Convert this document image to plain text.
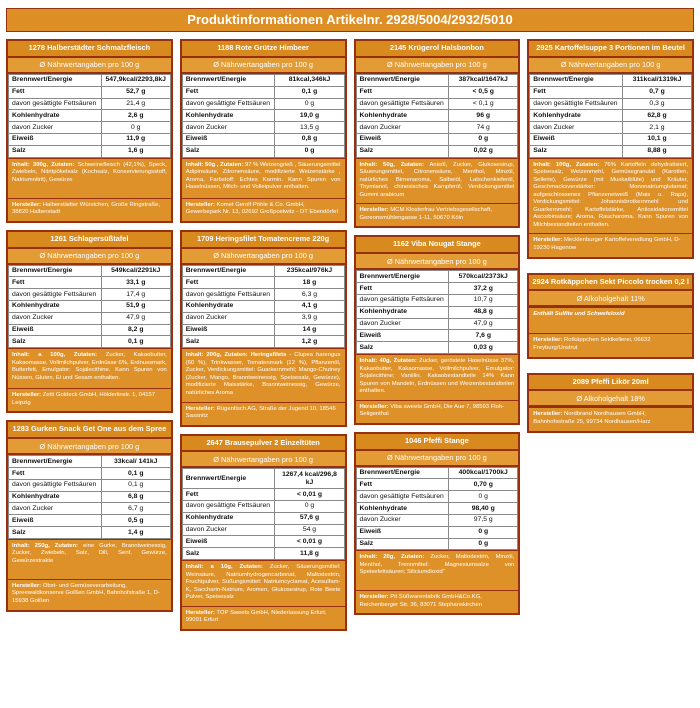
Produktinformationen Artikelnr. 2928/5004/2932/5010
1278 Halberstädter Schmalzfleisch
Ø Nährwertangaben pro 100 g
Brennwert/Energie	547,9kcal/2293,8kJ
Fett	52,7 g
davon gesättigte Fettsäuren	21,4 g
Kohlenhydrate	2,6 g
davon Zucker	0 g
Eiweiß	11,9 g
Salz	1,6 g
Inhalt: 300g, Zutaten: Schweinefleisch (42,1%), Speck, Zwiebeln, Nitritpökelsalz (Kochsalz, Konservierungsstoff, Natriumnitrit), Gewürze
Hersteller: Halberstädter Würstchen, Große Ringstraße, 38820 Halberstadt
1261 Schlagersüßtafel
Ø Nährwertangaben pro 100 g
Brennwert/Energie	549kcal/2291kJ
Fett	33,1 g
davon gesättigte Fettsäuren	17,4 g
Kohlenhydrate	51,9 g
davon Zucker	47,9 g
Eiweiß	8,2 g
Salz	0,1 g
Inhalt: a 100g, Zutaten: Zucker, Kakaobutter, Kakaomasse, Vollmilchpulver, Erdnüsse 6%, Erdnussmark, Butterfett, Emulgator: Sojalecithine. Kann Spuren von Nüssen, Gluten, Ei und Sesam enthalten.
Hersteller: Zetti Goldeck GmbH, Hölderlinstr. 1, 04157 Leipzig
1283 Gurken Snack Get One aus dem Spree
Ø Nährwertangaben pro 100 g
Brennwert/Energie	33kcal/ 141kJ
Fett	0,1 g
davon gesättigte Fettsäuren	0,1 g
Kohlenhydrate	6,8 g
davon Zucker	6,7 g
Eiweiß	0,5 g
Salz	1,4 g
Inhalt: 250g, Zutaten: eine Gurke, Branntweinessig, Zucker, Zwiebeln, Salz, Dill, Senf, Gewürze, Gewürzextrakte
Hersteller: Obst- und Gemüseverarbeitung, Spreewaldkonserve Golßen GmbH, Bahnhofstraße 1, D-15938 Golßen
1188 Rote Grütze Himbeer
Ø Nährwertangaben pro 100 g
Brennwert/Energie	81kcal,346kJ
Fett	0,1 g
davon gesättigte Fettsäuren	0 g
Kohlenhydrate	19,0 g
davon Zucker	13,5 g
Eiweiß	0,8 g
Salz	0 g
Inhalt: 50g , Zutaten: 97 % Weizengrieß , Säuerungsmittel Adipinsäure, Zitronensäure, modifizierte Weizenstärke , Aroma, Farbstoff: Echtes Karmin. Kann Spuren von Haselnüssen, Milch- und Volleipulver enthalten.
Hersteller: Komet Gerolf Pöhle & Co. GmbH, Gewerbepark Nr. 13, 02692 Großpostwitz - OT Ebendörfel
1709 Heringsfilet Tomatencreme 220g
Ø Nährwertangaben pro 100 g
Brennwert/Energie	235kcal/976kJ
Fett	18 g
davon gesättigte Fettsäuren	6,3 g
Kohlenhydrate	4,1 g
davon Zucker	3,9 g
Eiweiß	14 g
Salz	1,2 g
Inhalt: 200g, Zutaten: Heringsfilets - Clupea harengus (60 %), Trinkwasser, Tomatenmark (12 %), Pflanzenöl, Zucker, Verdickungsmittel: Guarkernmehl; Mango-Chutney (Zucker, Mango, Branntweinessig, Speisesalz, Gewürze), modifizierte Maisstärke, Branntweinessig, Gewürze, natürliches Aroma
Hersteller: Rügenfisch AG, Straße der Jugend 10, 18546 Sassnitz
2647 Brausepulver 2 Einzeltüten
Ø Nährwertangaben pro 100 g
Brennwert/Energie	1267,4 kcal/296,8 kJ
Fett	< 0,01 g
davon gesättigte Fettsäuren	0 g
Kohlenhydrate	57,6 g
davon Zucker	54 g
Eiweiß	< 0,01 g
Salz	11,8 g
Inhalt: a 10g, Zutaten: Zucker, Säuerungsmittel: Weinsäure, Natriumhydrogencarbonat, Maltodextrin, Fruchtpulver, Süßungsmittel: Natriumcyclamat, Acesulfam-K, Saccharin-Natrium, Aromen, Glukosesirup, Rote Beete Pulver, Speisesalz
Hersteller: TOP Sweets GmbH, Niederlassung Erfurt, 99091 Erfurt
2145 Krügerol Halsbonbon
Ø Nährwertangaben pro 100 g
Brennwert/Energie	387kcal/1647kJ
Fett	< 0,5 g
davon gesättigte Fettsäuren	< 0,1 g
Kohlenhydrate	96 g
davon Zucker	74 g
Eiweiß	0 g
Salz	0,02 g
Inhalt: 50g, Zutaten: Anisöl, Zucker, Glukosesirup, Säuerungsmittel, Citronensäure, Menthol, Minzöl, natürliches Birnenaroma, Salbeiöl, Latschenkieferöl, Thymianol, chinesisches Kampferöl, Verdickungsmittel Gummi arabicum
Hersteller: MCM Klosterfrau Vertriebsgesellschaft, Gereonsmühlengasse 1-11, 50670 Köln
1162 Viba Nougat Stange
Ø Nährwertangaben pro 100 g
Brennwert/Energie	570kcal/2373kJ
Fett	37,2 g
davon gesättigte Fettsäuren	10,7 g
Kohlenhydrate	48,8 g
davon Zucker	47,9 g
Eiweiß	7,6 g
Salz	0,03 g
Inhalt: 40g, Zutaten: Zucker, geröstete Haselnüsse 37%, Kakaobutter, Kakaomasse, Vollmilchpulver, Emulgator: Sojalecithine; Vanillin. Kakaobestandteile 14% Kann Spuren von Mandeln, Erdnüssen und Weizenbestandteilen enthalten.
Hersteller: Viba sweets GmbH, Die Aue 7, 98593 Floh-Seligenthal
1046 Pfeffi Stange
Ø Nährwertangaben pro 100 g
Brennwert/Energie	400kcal/1700kJ
Fett	0,70 g
davon gesättigte Fettsäuren	0 g
Kohlenhydrate	98,40 g
davon Zucker	97,5 g
Eiweiß	0 g
Salz	0 g
Inhalt: 20g, Zutaten: Zucker, Maltodextrin, Minzöl, Menthol, Trennmittel: Magnesiumsalze von Speisefettsäuren; Siliciumdioxid"
Hersteller: Pit Süßwarenfabrik GmbH&Co.KG, Reichenberger Str. 36, 83071 Stephanskirchen
2925 Kartoffelsuppe 3 Portionen im Beutel
Ø Nährwertangaben pro 100 g
Brennwert/Energie	311kcal/1319kJ
Fett	0,7 g
davon gesättigte Fettsäuren	0,3 g
Kohlenhydrate	62,8 g
davon Zucker	2,1 g
Eiweiß	10,1 g
Salz	8,88 g
Inhalt: 100g, Zutaten: 76% Kartoffeln dehydratisiert, Speisesalz, Weizenmehl, Gemüsegranulat (Karotten, Sellerie), Gewürze (mit Muskatblüte) und Kräuter, Geschmacksverstärker: Mononatriumglutamat; aufgeschlossenes Pflanzeneiweiß (Mais u. Raps), Verdickungsmittel: Johannisbrotkernmehl und Guarkernmehl; Kartoffelstärke, Antioxidationsmittel Ascorbinsäure; Aroma, Raucharoma. Kann Spuren von Milchbestandteilen enthalten.
Hersteller: Mecklenburger Kartoffelveredlung GmbH, D-19230 Hagenow
2924 Rotkäppchen Sekt Piccolo trocken 0,2 l
Ø Alkoholgehalt 11%
Enthält Sulfite und Schwefeloxid
Hersteller: Rotkäppchen Sektkellerei, 06632 Freyburg/Unstrut
2089 Pfeffi Likör 20ml
Ø Alkoholgehalt 18%
Hersteller: Nordbrand Nordhausen GmbH, Bahnhofsstraße 25, 99734 Nordhausen/Harz
